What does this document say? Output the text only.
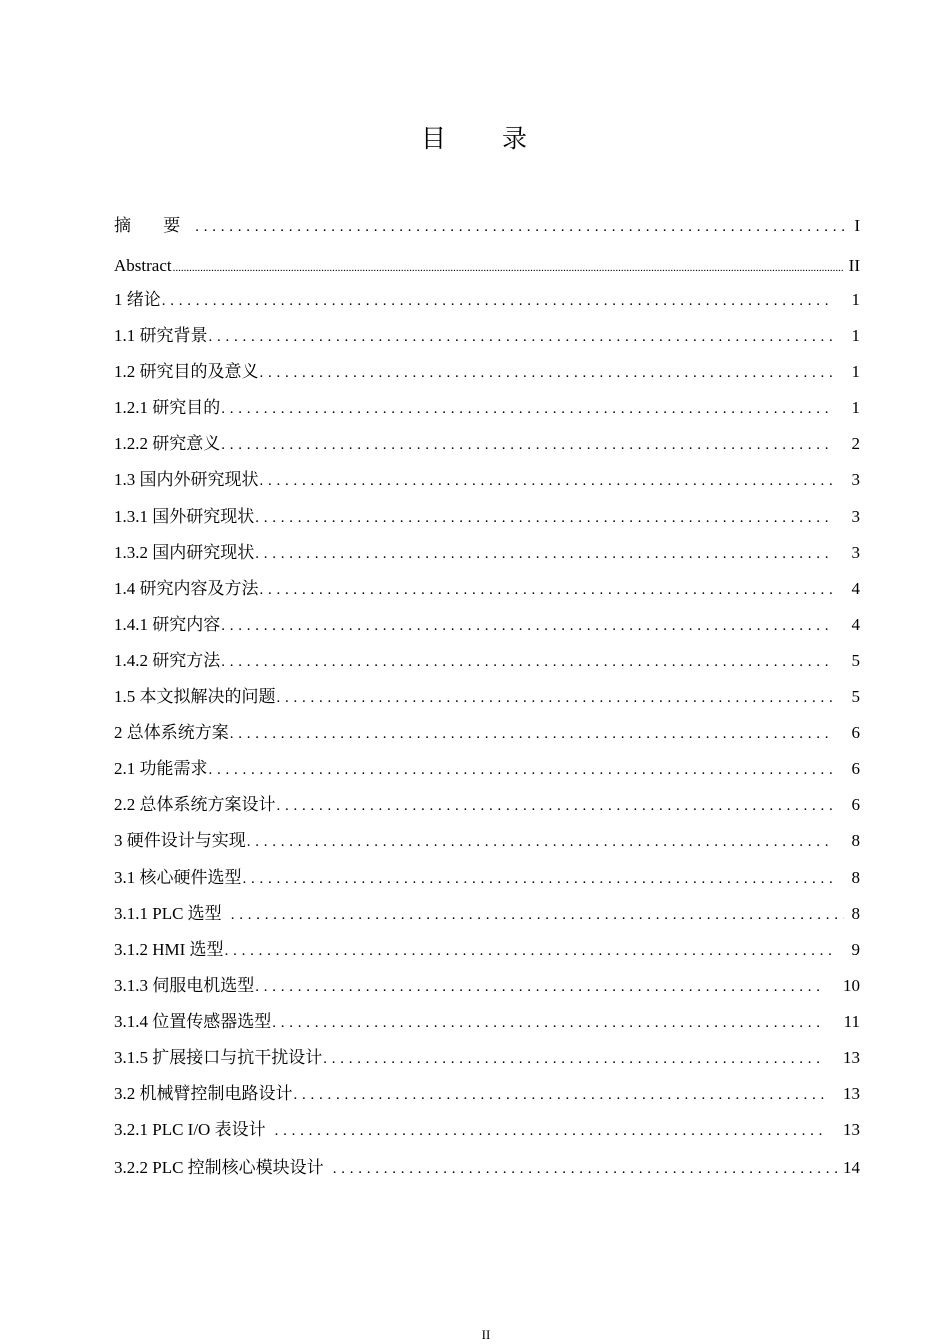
目 录
摘 要 . . .	I
Abstract .....	II
1 绪论 . . .	1
1.1 研究背景 . . .	1
1.2 研究目的及意义 . . .	1
1.2.1 研究目的 . . .	1
1.2.2 研究意义 . . .	2
1.3 国内外研究现状 . . .	3
1.3.1 国外研究现状 . . .	3
1.3.2 国内研究现状 . . .	3
1.4 研究内容及方法 . . .	4
1.4.1 研究内容 . . .	4
1.4.2 研究方法 . . .	5
1.5 本文拟解决的问题 . . .	5
2 总体系统方案 . . .	6
2.1 功能需求 . . .	6
2.2 总体系统方案设计 . . .	6
3 硬件设计与实现 . . .	8
3.1 核心硬件选型 . . .	8
3.1.1 PLC 选型 . . .	8
3.1.2 HMI 选型 . . .	9
3.1.3 伺服电机选型 . . .	10
3.1.4 位置传感器选型 . . .	11
3.1.5 扩展接口与抗干扰设计 . . .	13
3.2 机械臂控制电路设计 . . .	13
3.2.1 PLC I/O 表设计 . . .	13
3.2.2 PLC 控制核心模块设计 . . .	14
II
